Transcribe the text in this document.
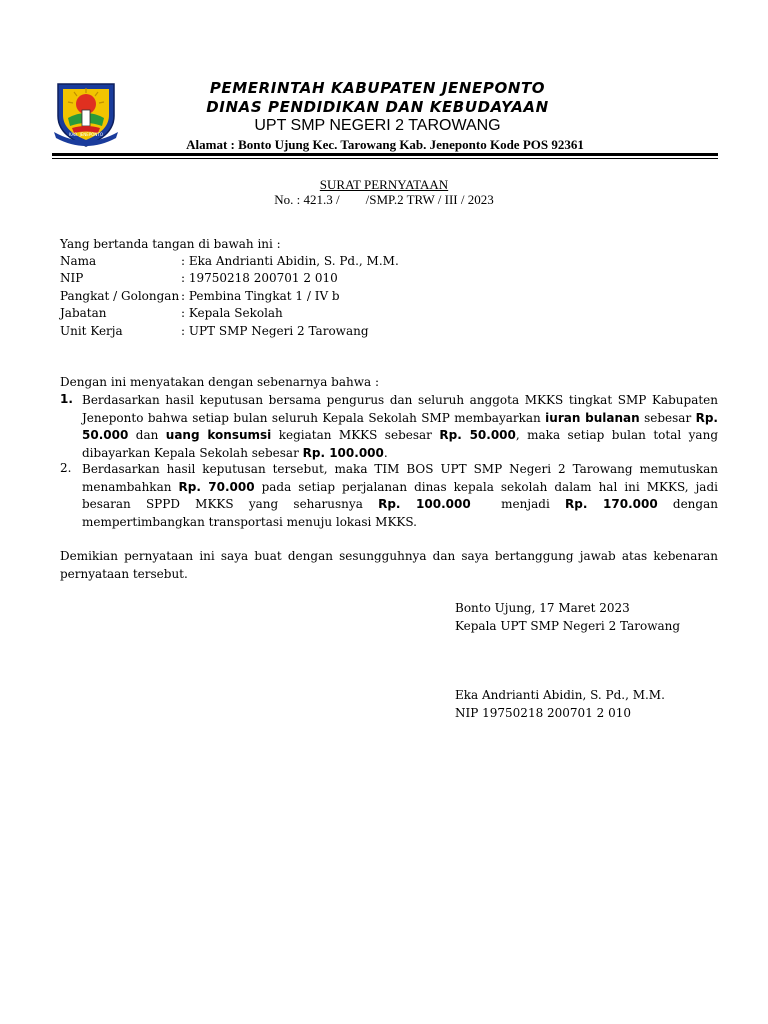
KAB. JENEPONTO
PEMERINTAH KABUPATEN JENEPONTO
DINAS PENDIDIKAN DAN KEBUDAYAAN
UPT SMP NEGERI 2 TAROWANG
Alamat : Bonto Ujung Kec. Tarowang Kab. Jeneponto Kode POS 92361
SURAT PERNYATAAN
No. : 421.3 /        /SMP.2 TRW / III / 2023
Yang bertanda tangan di bawah ini :
Nama	: Eka Andrianti Abidin, S. Pd., M.M.
NIP	: 19750218 200701 2 010
Pangkat / Golongan : Pembina Tingkat 1 / IV b
Jabatan	: Kepala Sekolah
Unit Kerja	: UPT SMP Negeri 2 Tarowang
Dengan ini menyatakan dengan sebenarnya bahwa :
1. Berdasarkan hasil keputusan bersama pengurus dan seluruh anggota MKKS tingkat SMP Kabupaten Jeneponto bahwa setiap bulan seluruh Kepala Sekolah SMP membayarkan iuran bulanan sebesar Rp. 50.000 dan uang konsumsi kegiatan MKKS sebesar Rp. 50.000, maka setiap bulan total yang dibayarkan Kepala Sekolah sebesar Rp. 100.000.
2. Berdasarkan hasil keputusan tersebut, maka TIM BOS UPT SMP Negeri 2 Tarowang memutuskan menambahkan Rp. 70.000 pada setiap perjalanan dinas kepala sekolah dalam hal ini MKKS, jadi besaran SPPD MKKS yang seharusnya Rp. 100.000  menjadi Rp. 170.000 dengan mempertimbangkan transportasi menuju lokasi MKKS.
Demikian pernyataan ini saya buat dengan sesungguhnya dan saya bertanggung jawab atas kebenaran pernyataan tersebut.
Bonto Ujung, 17 Maret 2023
Kepala UPT SMP Negeri 2 Tarowang
Eka Andrianti Abidin, S. Pd., M.M.
NIP 19750218 200701 2 010
